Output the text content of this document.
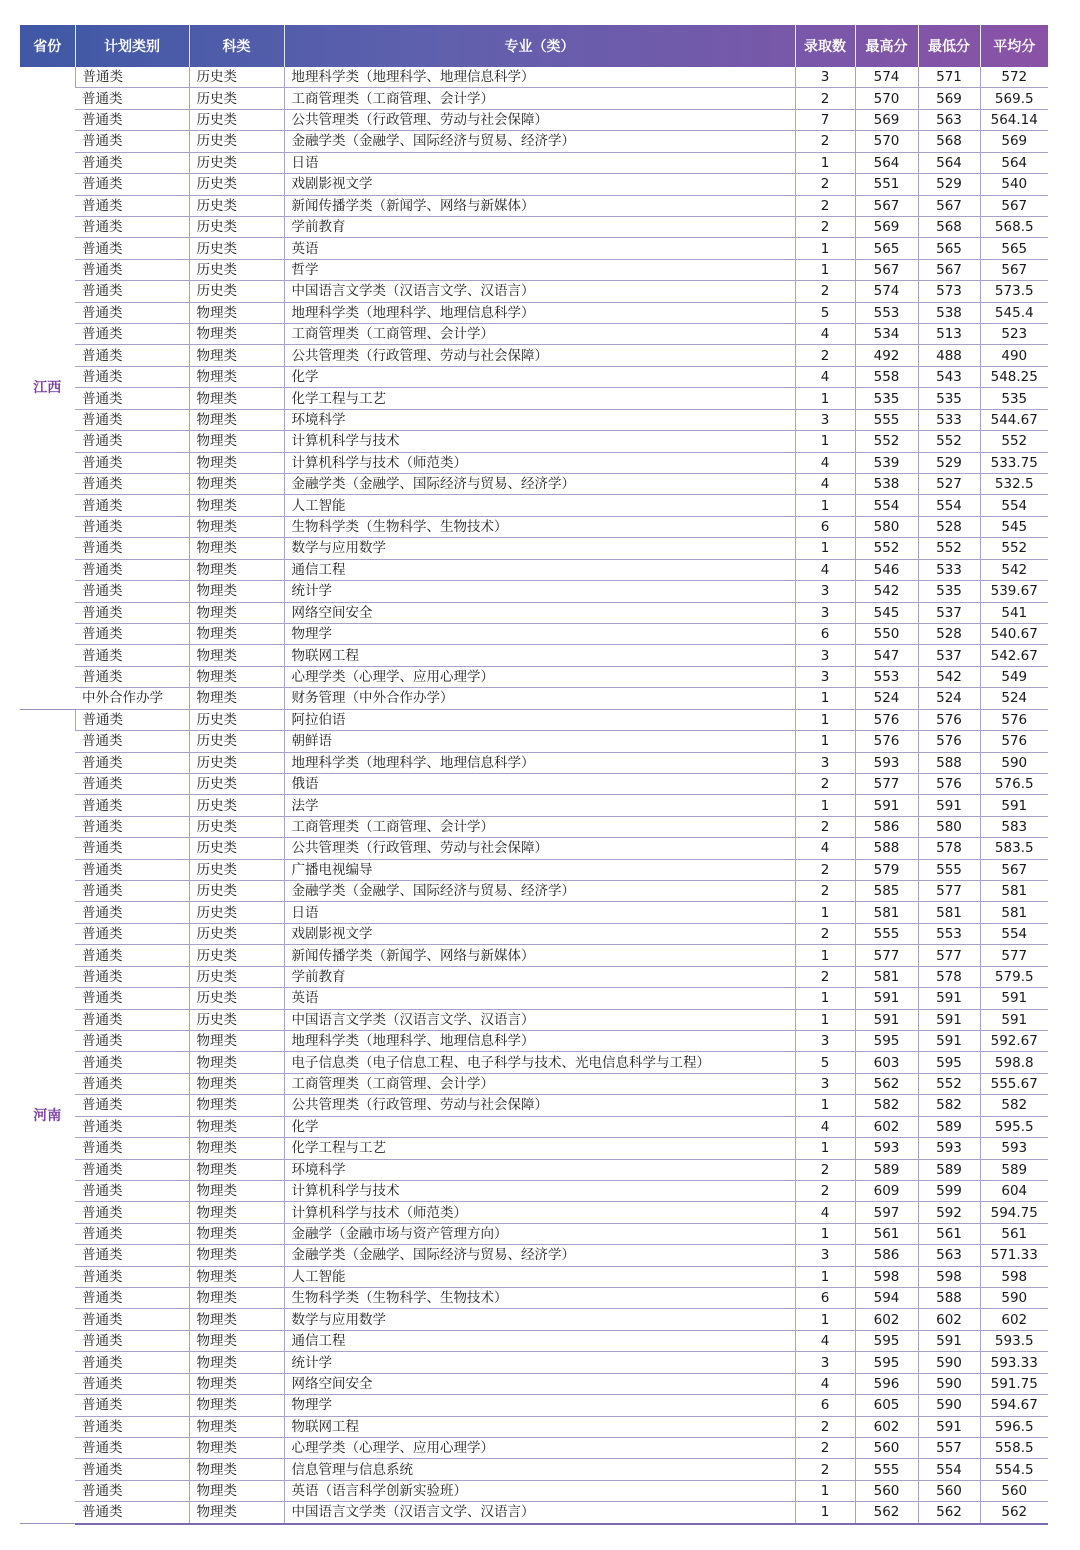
省份	计划类别	科类	专业（类）	录取数	最高分	最低分	平均分
江西	普通类	历史类	地理科学类（地理科学、地理信息科学）	3	574	571	572
	普通类	历史类	工商管理类（工商管理、会计学）	2	570	569	569.5
	普通类	历史类	公共管理类（行政管理、劳动与社会保障）	7	569	563	564.14
	普通类	历史类	金融学类（金融学、国际经济与贸易、经济学）	2	570	568	569
	普通类	历史类	日语	1	564	564	564
	普通类	历史类	戏剧影视文学	2	551	529	540
	普通类	历史类	新闻传播学类（新闻学、网络与新媒体）	2	567	567	567
	普通类	历史类	学前教育	2	569	568	568.5
	普通类	历史类	英语	1	565	565	565
	普通类	历史类	哲学	1	567	567	567
	普通类	历史类	中国语言文学类（汉语言文学、汉语言）	2	574	573	573.5
	普通类	物理类	地理科学类（地理科学、地理信息科学）	5	553	538	545.4
	普通类	物理类	工商管理类（工商管理、会计学）	4	534	513	523
	普通类	物理类	公共管理类（行政管理、劳动与社会保障）	2	492	488	490
	普通类	物理类	化学	4	558	543	548.25
	普通类	物理类	化学工程与工艺	1	535	535	535
	普通类	物理类	环境科学	3	555	533	544.67
	普通类	物理类	计算机科学与技术	1	552	552	552
	普通类	物理类	计算机科学与技术（师范类）	4	539	529	533.75
	普通类	物理类	金融学类（金融学、国际经济与贸易、经济学）	4	538	527	532.5
	普通类	物理类	人工智能	1	554	554	554
	普通类	物理类	生物科学类（生物科学、生物技术）	6	580	528	545
	普通类	物理类	数学与应用数学	1	552	552	552
	普通类	物理类	通信工程	4	546	533	542
	普通类	物理类	统计学	3	542	535	539.67
	普通类	物理类	网络空间安全	3	545	537	541
	普通类	物理类	物理学	6	550	528	540.67
	普通类	物理类	物联网工程	3	547	537	542.67
	普通类	物理类	心理学类（心理学、应用心理学）	3	553	542	549
	中外合作办学	物理类	财务管理（中外合作办学）	1	524	524	524
河南	普通类	历史类	阿拉伯语	1	576	576	576
	普通类	历史类	朝鲜语	1	576	576	576
	普通类	历史类	地理科学类（地理科学、地理信息科学）	3	593	588	590
	普通类	历史类	俄语	2	577	576	576.5
	普通类	历史类	法学	1	591	591	591
	普通类	历史类	工商管理类（工商管理、会计学）	2	586	580	583
	普通类	历史类	公共管理类（行政管理、劳动与社会保障）	4	588	578	583.5
	普通类	历史类	广播电视编导	2	579	555	567
	普通类	历史类	金融学类（金融学、国际经济与贸易、经济学）	2	585	577	581
	普通类	历史类	日语	1	581	581	581
	普通类	历史类	戏剧影视文学	2	555	553	554
	普通类	历史类	新闻传播学类（新闻学、网络与新媒体）	1	577	577	577
	普通类	历史类	学前教育	2	581	578	579.5
	普通类	历史类	英语	1	591	591	591
	普通类	历史类	中国语言文学类（汉语言文学、汉语言）	1	591	591	591
	普通类	物理类	地理科学类（地理科学、地理信息科学）	3	595	591	592.67
	普通类	物理类	电子信息类（电子信息工程、电子科学与技术、光电信息科学与工程）	5	603	595	598.8
	普通类	物理类	工商管理类（工商管理、会计学）	3	562	552	555.67
	普通类	物理类	公共管理类（行政管理、劳动与社会保障）	1	582	582	582
	普通类	物理类	化学	4	602	589	595.5
	普通类	物理类	化学工程与工艺	1	593	593	593
	普通类	物理类	环境科学	2	589	589	589
	普通类	物理类	计算机科学与技术	2	609	599	604
	普通类	物理类	计算机科学与技术（师范类）	4	597	592	594.75
	普通类	物理类	金融学（金融市场与资产管理方向）	1	561	561	561
	普通类	物理类	金融学类（金融学、国际经济与贸易、经济学）	3	586	563	571.33
	普通类	物理类	人工智能	1	598	598	598
	普通类	物理类	生物科学类（生物科学、生物技术）	6	594	588	590
	普通类	物理类	数学与应用数学	1	602	602	602
	普通类	物理类	通信工程	4	595	591	593.5
	普通类	物理类	统计学	3	595	590	593.33
	普通类	物理类	网络空间安全	4	596	590	591.75
	普通类	物理类	物理学	6	605	590	594.67
	普通类	物理类	物联网工程	2	602	591	596.5
	普通类	物理类	心理学类（心理学、应用心理学）	2	560	557	558.5
	普通类	物理类	信息管理与信息系统	2	555	554	554.5
	普通类	物理类	英语（语言科学创新实验班）	1	560	560	560
	普通类	物理类	中国语言文学类（汉语言文学、汉语言）	1	562	562	562
